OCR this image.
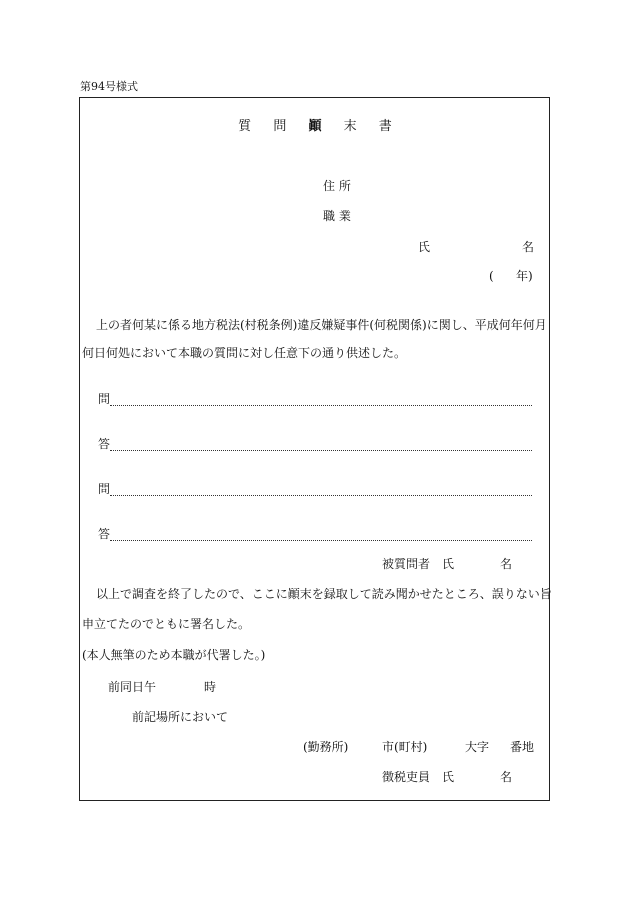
第94号様式
質 問 顚 末 書
住 所
職 業
氏	名
( 年)
上の者何某に係る地方税法(村税条例)違反嫌疑事件(何税関係)に関し、平成何年何月
何日何処において本職の質問に対し任意下の通り供述した。
問
答
問
答
被質問者 氏	名
以上で調査を終了したので、ここに顚末を録取して読み聞かせたところ、誤りない旨
申立てたのでともに署名した。
(本人無筆のため本職が代署した。)
前同日午	時
前記場所において
(勤務所)	市(町村)	大字 番地
徴税吏員 氏	名
